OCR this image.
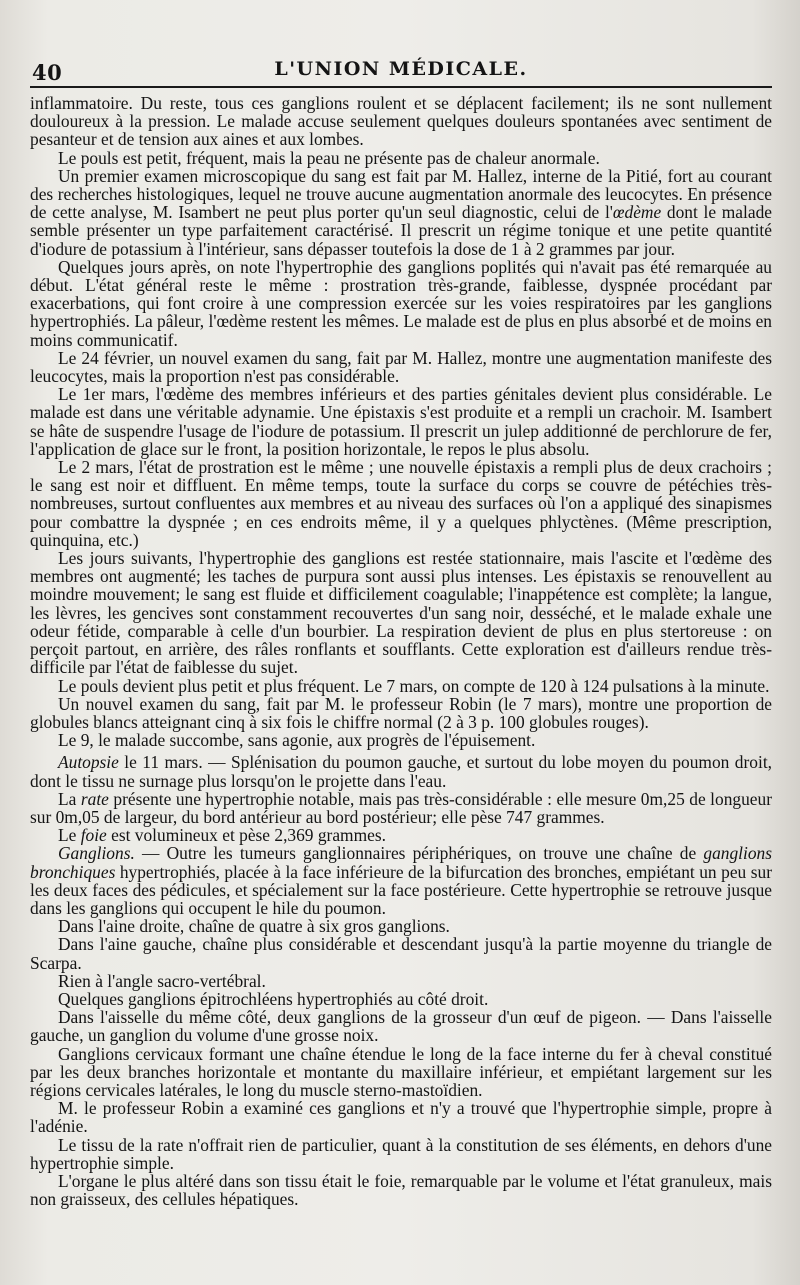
40	L'UNION MÉDICALE.

inflammatoire. Du reste, tous ces ganglions roulent et se déplacent facilement; ils ne sont nullement douloureux à la pression. Le malade accuse seulement quelques douleurs spontanées avec sentiment de pesanteur et de tension aux aines et aux lombes.

Le pouls est petit, fréquent, mais la peau ne présente pas de chaleur anormale.

Un premier examen microscopique du sang est fait par M. Hallez, interne de la Pitié, fort au courant des recherches histologiques, lequel ne trouve aucune augmentation anormale des leucocytes. En présence de cette analyse, M. Isambert ne peut plus porter qu'un seul diagnostic, celui de l'œdème dont le malade semble présenter un type parfaitement caractérisé. Il prescrit un régime tonique et une petite quantité d'iodure de potassium à l'intérieur, sans dépasser toutefois la dose de 1 à 2 grammes par jour.

Quelques jours après, on note l'hypertrophie des ganglions poplités qui n'avait pas été remarquée au début. L'état général reste le même : prostration très-grande, faiblesse, dyspnée procédant par exacerbations, qui font croire à une compression exercée sur les voies respiratoires par les ganglions hypertrophiés. La pâleur, l'œdème restent les mêmes. Le malade est de plus en plus absorbé et de moins en moins communicatif.

Le 24 février, un nouvel examen du sang, fait par M. Hallez, montre une augmentation manifeste des leucocytes, mais la proportion n'est pas considérable.

Le 1er mars, l'œdème des membres inférieurs et des parties génitales devient plus considérable. Le malade est dans une véritable adynamie. Une épistaxis s'est produite et a rempli un crachoir. M. Isambert se hâte de suspendre l'usage de l'iodure de potassium. Il prescrit un julep additionné de perchlorure de fer, l'application de glace sur le front, la position horizontale, le repos le plus absolu.

Le 2 mars, l'état de prostration est le même ; une nouvelle épistaxis a rempli plus de deux crachoirs ; le sang est noir et diffluent. En même temps, toute la surface du corps se couvre de pétéchies très-nombreuses, surtout confluentes aux membres et au niveau des surfaces où l'on a appliqué des sinapismes pour combattre la dyspnée ; en ces endroits même, il y a quelques phlyctènes. (Même prescription, quinquina, etc.)

Les jours suivants, l'hypertrophie des ganglions est restée stationnaire, mais l'ascite et l'œdème des membres ont augmenté; les taches de purpura sont aussi plus intenses. Les épistaxis se renouvellent au moindre mouvement; le sang est fluide et difficilement coagulable; l'inappétence est complète; la langue, les lèvres, les gencives sont constamment recouvertes d'un sang noir, desséché, et le malade exhale une odeur fétide, comparable à celle d'un bourbier. La respiration devient de plus en plus stertoreuse : on perçoit partout, en arrière, des râles ronflants et soufflants. Cette exploration est d'ailleurs rendue très-difficile par l'état de faiblesse du sujet.

Le pouls devient plus petit et plus fréquent. Le 7 mars, on compte de 120 à 124 pulsations à la minute.

Un nouvel examen du sang, fait par M. le professeur Robin (le 7 mars), montre une proportion de globules blancs atteignant cinq à six fois le chiffre normal (2 à 3 p. 100 globules rouges).

Le 9, le malade succombe, sans agonie, aux progrès de l'épuisement.

Autopsie le 11 mars. — Splénisation du poumon gauche, et surtout du lobe moyen du poumon droit, dont le tissu ne surnage plus lorsqu'on le projette dans l'eau.

La rate présente une hypertrophie notable, mais pas très-considérable : elle mesure 0m,25 de longueur sur 0m,05 de largeur, du bord antérieur au bord postérieur; elle pèse 747 grammes.

Le foie est volumineux et pèse 2,369 grammes.

Ganglions. — Outre les tumeurs ganglionnaires périphériques, on trouve une chaîne de ganglions bronchiques hypertrophiés, placée à la face inférieure de la bifurcation des bronches, empiétant un peu sur les deux faces des pédicules, et spécialement sur la face postérieure. Cette hypertrophie se retrouve jusque dans les ganglions qui occupent le hile du poumon.

Dans l'aine droite, chaîne de quatre à six gros ganglions.

Dans l'aine gauche, chaîne plus considérable et descendant jusqu'à la partie moyenne du triangle de Scarpa.

Rien à l'angle sacro-vertébral.

Quelques ganglions épitrochléens hypertrophiés au côté droit.

Dans l'aisselle du même côté, deux ganglions de la grosseur d'un œuf de pigeon. — Dans l'aisselle gauche, un ganglion du volume d'une grosse noix.

Ganglions cervicaux formant une chaîne étendue le long de la face interne du fer à cheval constitué par les deux branches horizontale et montante du maxillaire inférieur, et empiétant largement sur les régions cervicales latérales, le long du muscle sterno-mastoïdien.

M. le professeur Robin a examiné ces ganglions et n'y a trouvé que l'hypertrophie simple, propre à l'adénie.

Le tissu de la rate n'offrait rien de particulier, quant à la constitution de ses éléments, en dehors d'une hypertrophie simple.

L'organe le plus altéré dans son tissu était le foie, remarquable par le volume et l'état granuleux, mais non graisseux, des cellules hépatiques.
